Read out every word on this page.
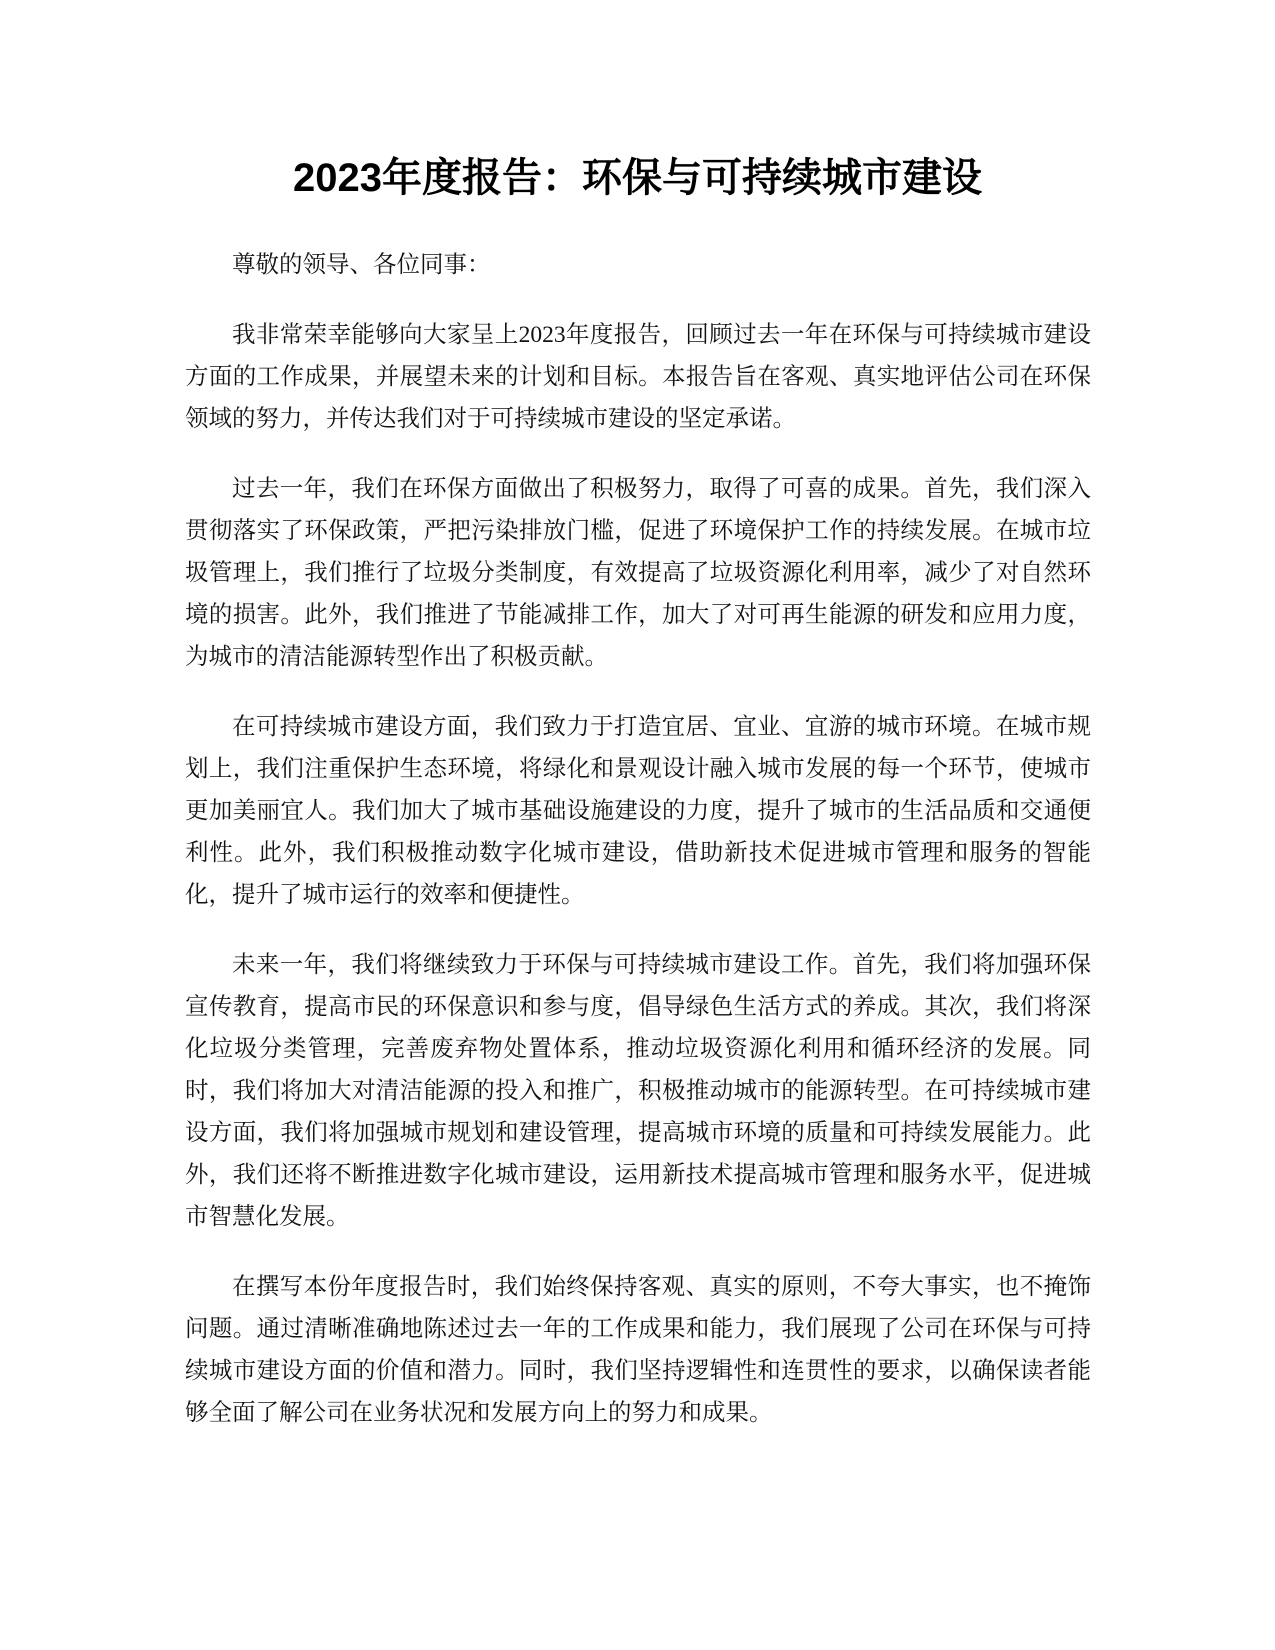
2023年度报告：环保与可持续城市建设

尊敬的领导、各位同事：

我非常荣幸能够向大家呈上2023年度报告，回顾过去一年在环保与可持续城市建设方面的工作成果，并展望未来的计划和目标。本报告旨在客观、真实地评估公司在环保领域的努力，并传达我们对于可持续城市建设的坚定承诺。

过去一年，我们在环保方面做出了积极努力，取得了可喜的成果。首先，我们深入贯彻落实了环保政策，严把污染排放门槛，促进了环境保护工作的持续发展。在城市垃圾管理上，我们推行了垃圾分类制度，有效提高了垃圾资源化利用率，减少了对自然环境的损害。此外，我们推进了节能减排工作，加大了对可再生能源的研发和应用力度，为城市的清洁能源转型作出了积极贡献。

在可持续城市建设方面，我们致力于打造宜居、宜业、宜游的城市环境。在城市规划上，我们注重保护生态环境，将绿化和景观设计融入城市发展的每一个环节，使城市更加美丽宜人。我们加大了城市基础设施建设的力度，提升了城市的生活品质和交通便利性。此外，我们积极推动数字化城市建设，借助新技术促进城市管理和服务的智能化，提升了城市运行的效率和便捷性。

未来一年，我们将继续致力于环保与可持续城市建设工作。首先，我们将加强环保宣传教育，提高市民的环保意识和参与度，倡导绿色生活方式的养成。其次，我们将深化垃圾分类管理，完善废弃物处置体系，推动垃圾资源化利用和循环经济的发展。同时，我们将加大对清洁能源的投入和推广，积极推动城市的能源转型。在可持续城市建设方面，我们将加强城市规划和建设管理，提高城市环境的质量和可持续发展能力。此外，我们还将不断推进数字化城市建设，运用新技术提高城市管理和服务水平，促进城市智慧化发展。

在撰写本份年度报告时，我们始终保持客观、真实的原则，不夸大事实，也不掩饰问题。通过清晰准确地陈述过去一年的工作成果和能力，我们展现了公司在环保与可持续城市建设方面的价值和潜力。同时，我们坚持逻辑性和连贯性的要求，以确保读者能够全面了解公司在业务状况和发展方向上的努力和成果。
